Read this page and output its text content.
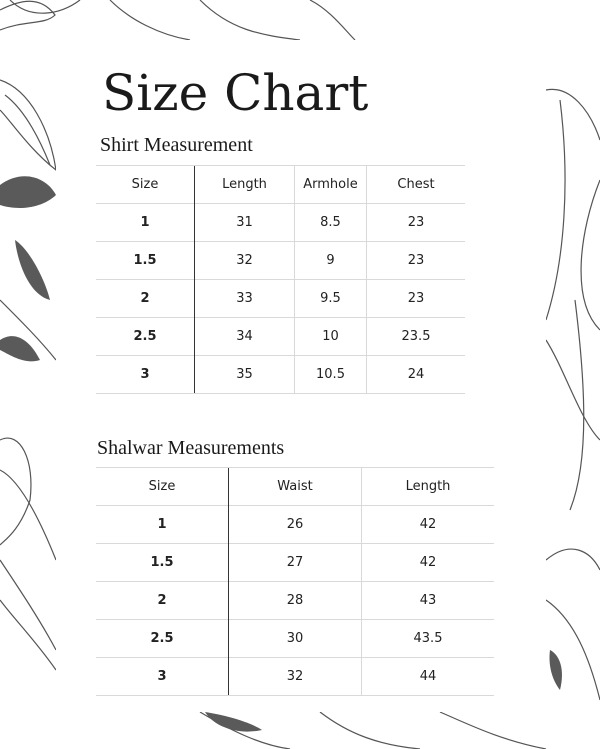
Size Chart
Shirt Measurement
Size	Length	Armhole	Chest
1	31	8.5	23
1.5	32	9	23
2	33	9.5	23
2.5	34	10	23.5
3	35	10.5	24
Shalwar Measurements
Size	Waist	Length
1	26	42
1.5	27	42
2	28	43
2.5	30	43.5
3	32	44
